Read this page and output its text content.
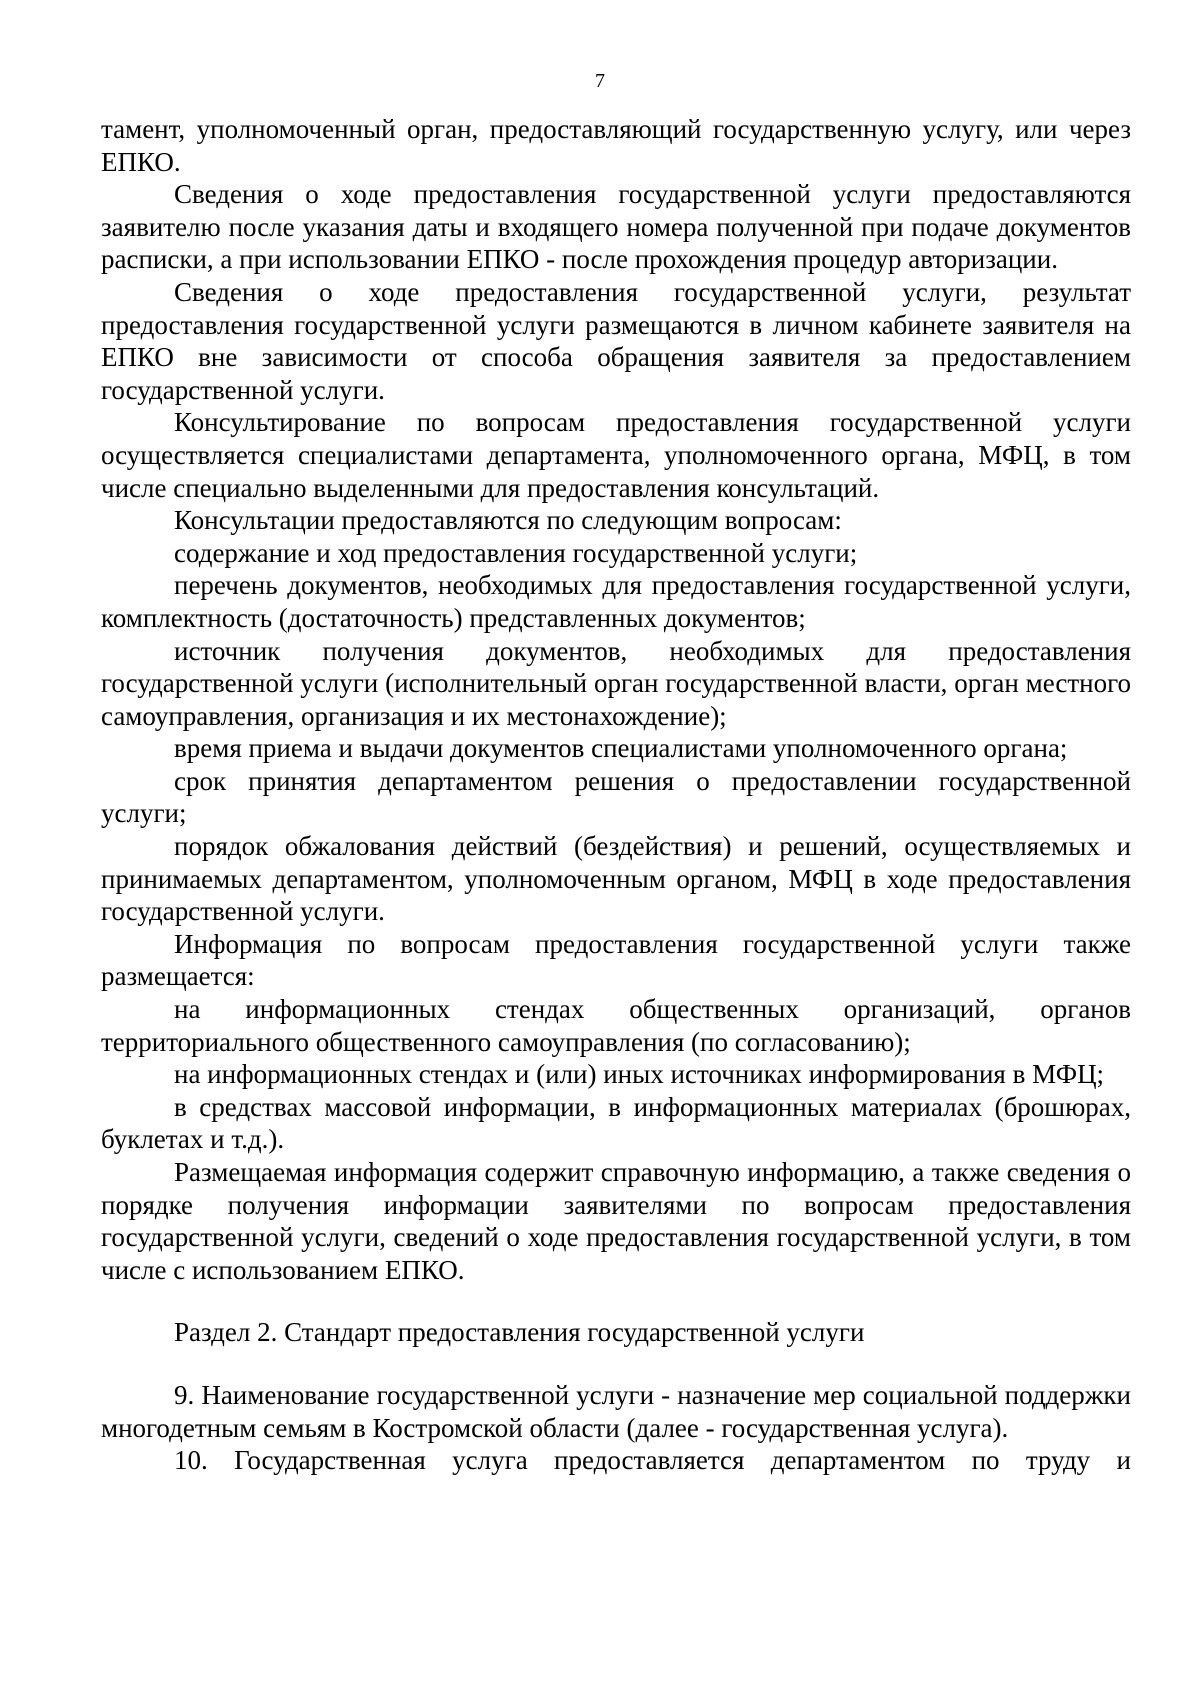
7

тамент, уполномоченный орган, предоставляющий государственную услугу, или через ЕПКО.

Сведения о ходе предоставления государственной услуги предоставляются заявителю после указания даты и входящего номера полученной при подаче документов расписки, а при использовании ЕПКО - после прохождения процедур авторизации.

Сведения о ходе предоставления государственной услуги, результат предоставления государственной услуги размещаются в личном кабинете заявителя на ЕПКО вне зависимости от способа обращения заявителя за предоставлением государственной услуги.

Консультирование по вопросам предоставления государственной услуги осуществляется специалистами департамента, уполномоченного органа, МФЦ, в том числе специально выделенными для предоставления консультаций.

Консультации предоставляются по следующим вопросам:

содержание и ход предоставления государственной услуги;

перечень документов, необходимых для предоставления государственной услуги, комплектность (достаточность) представленных документов;

источник получения документов, необходимых для предоставления государственной услуги (исполнительный орган государственной власти, орган местного самоуправления, организация и их местонахождение);

время приема и выдачи документов специалистами уполномоченного органа;

срок принятия департаментом решения о предоставлении государственной услуги;

порядок обжалования действий (бездействия) и решений, осуществляемых и принимаемых департаментом, уполномоченным органом, МФЦ в ходе предоставления государственной услуги.

Информация по вопросам предоставления государственной услуги также размещается:

на информационных стендах общественных организаций, органов территориального общественного самоуправления (по согласованию);

на информационных стендах и (или) иных источниках информирования в МФЦ;

в средствах массовой информации, в информационных материалах (брошюрах, буклетах и т.д.).

Размещаемая информация содержит справочную информацию, а также сведения о порядке получения информации заявителями по вопросам предоставления государственной услуги, сведений о ходе предоставления государственной услуги, в том числе с использованием ЕПКО.

Раздел 2. Стандарт предоставления государственной услуги

9. Наименование государственной услуги - назначение мер социальной поддержки многодетным семьям в Костромской области (далее - государственная услуга).

10. Государственная услуга предоставляется департаментом по труду и
